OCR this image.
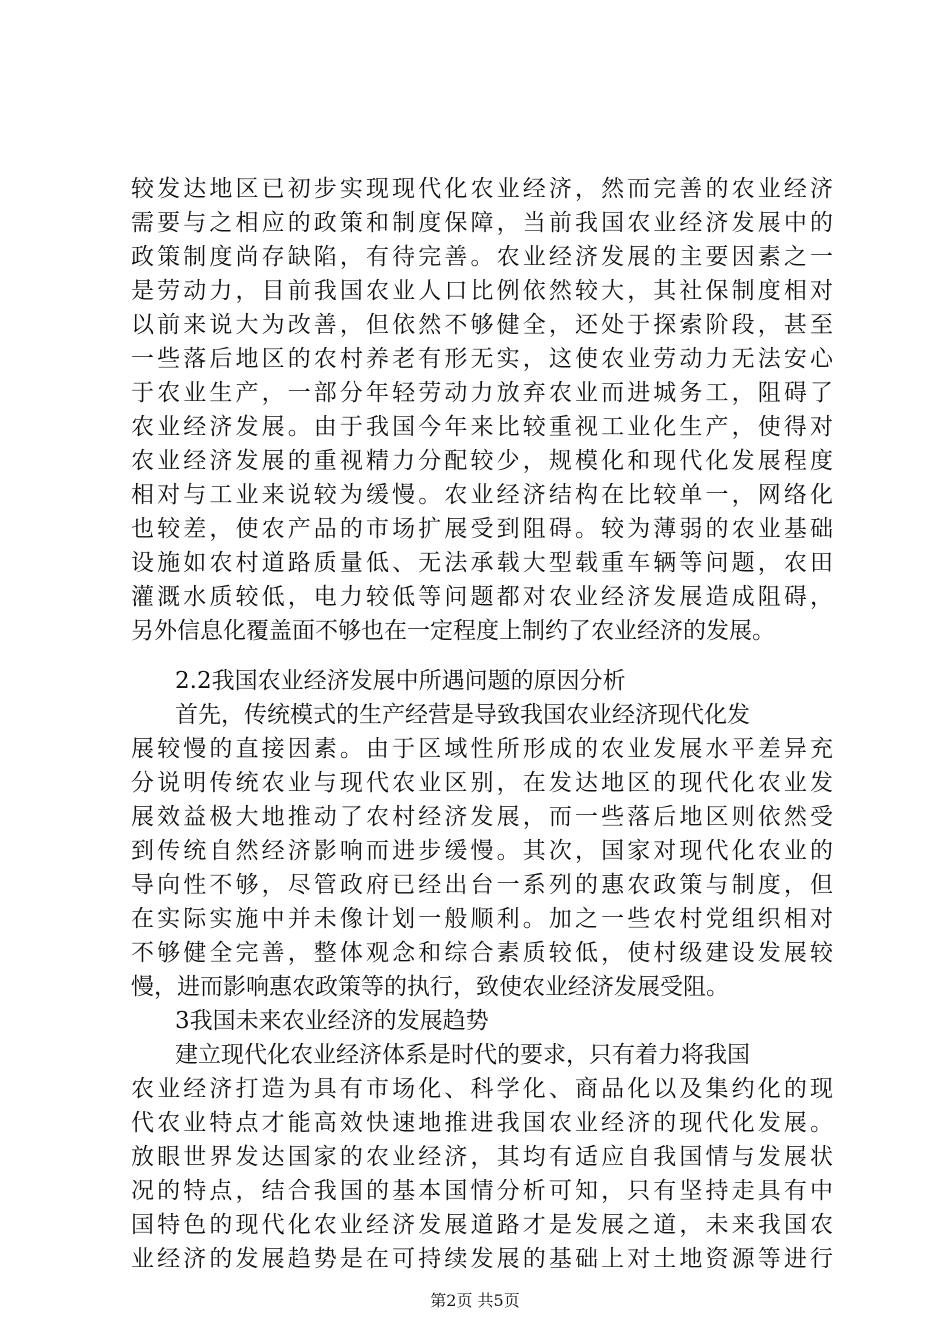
较发达地区已初步实现现代化农业经济，然而完善的农业经济
需要与之相应的政策和制度保障，当前我国农业经济发展中的
政策制度尚存缺陷，有待完善。农业经济发展的主要因素之一
是劳动力，目前我国农业人口比例依然较大，其社保制度相对
以前来说大为改善，但依然不够健全，还处于探索阶段，甚至
一些落后地区的农村养老有形无实，这使农业劳动力无法安心
于农业生产，一部分年轻劳动力放弃农业而进城务工，阻碍了
农业经济发展。由于我国今年来比较重视工业化生产，使得对
农业经济发展的重视精力分配较少，规模化和现代化发展程度
相对与工业来说较为缓慢。农业经济结构在比较单一，网络化
也较差，使农产品的市场扩展受到阻碍。较为薄弱的农业基础
设施如农村道路质量低、无法承载大型载重车辆等问题，农田
灌溉水质较低，电力较低等问题都对农业经济发展造成阻碍，
另外信息化覆盖面不够也在一定程度上制约了农业经济的发展。
2.2我国农业经济发展中所遇问题的原因分析
首先，传统模式的生产经营是导致我国农业经济现代化发
展较慢的直接因素。由于区域性所形成的农业发展水平差异充
分说明传统农业与现代农业区别，在发达地区的现代化农业发
展效益极大地推动了农村经济发展，而一些落后地区则依然受
到传统自然经济影响而进步缓慢。其次，国家对现代化农业的
导向性不够，尽管政府已经出台一系列的惠农政策与制度，但
在实际实施中并未像计划一般顺利。加之一些农村党组织相对
不够健全完善，整体观念和综合素质较低，使村级建设发展较
慢，进而影响惠农政策等的执行，致使农业经济发展受阻。
3我国未来农业经济的发展趋势
建立现代化农业经济体系是时代的要求，只有着力将我国
农业经济打造为具有市场化、科学化、商品化以及集约化的现
代农业特点才能高效快速地推进我国农业经济的现代化发展。
放眼世界发达国家的农业经济，其均有适应自我国情与发展状
况的特点，结合我国的基本国情分析可知，只有坚持走具有中
国特色的现代化农业经济发展道路才是发展之道，未来我国农
业经济的发展趋势是在可持续发展的基础上对土地资源等进行
第2页 共5页
